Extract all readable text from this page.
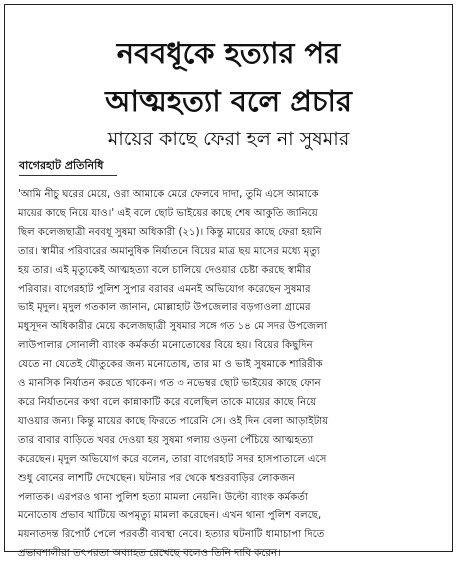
নববধূকে হত্যার পর
আত্মহত্যা বলে প্রচার
মায়ের কাছে ফেরা হল না সুষমার
বাগেরহাট প্রতিনিধি
'আমি নীচু ঘরের মেয়ে, ওরা আমাকে মেরে ফেলবে দাদা, তুমি এসে আমাকে
মায়ের কাছে নিয়ে যাও।' এই বলে ছোট ভাইয়ের কাছে শেষ আকুতি জানিয়ে
ছিল কলেজছাত্রী নববধূ সুষমা অধিকারী (২১)। কিন্তু মায়ের কাছে ফেরা হয়নি
তার। স্বামীর পরিবারের অমানুষিক নির্যাতনে বিয়ের মাত্র ছয় মাসের মধ্যে মৃত্যু
হয় তার। এই মৃত্যুকেই আত্মহত্যা বলে চালিয়ে দেওয়ার চেষ্টা করছে স্বামীর
পরিবার। বাগেরহাট পুলিশ সুপার বরাবর এমনই অভিযোগ করেছেন সুষমার
ভাই মৃদুল। মৃদুল গতকাল জানান, মোল্লাহাট উপজেলার বড়গাওলা গ্রামের
মধুসূদন অধিকারীর মেয়ে কলেজছাত্রী সুষমার সঙ্গে গত ১৪ মে সদর উপজেলা
লাউপালার সোনালী ব্যাংক কর্মকর্তা মনোতোষের বিয়ে হয়। বিয়ের কিছুদিন
যেতে না যেতেই যৌতুকের জন্য মনোতোষ, তার মা ও ভাই সুষমাকে শারিরীক
ও মানসিক নির্যাতন করতে থাকেন। গত ৩ নভেম্বর ছোট ভাইয়ের কাছে ফোন
করে নির্যাতনের কথা বলে কান্নাকাটি করে বলেছিল তাকে মায়ের কাছে নিয়ে
যাওয়ার জন্য। কিন্তু মায়ের কাছে ফিরতে পারেনি সে। ওই দিন বেলা আড়াইটায়
তার বাবার বাড়িতে খবর দেওয়া হয় সুষমা গলায় ওড়না পেঁচিয়ে আত্মহত্যা
করেছেন। মৃদুল অভিযোগ করে বলেন, তারা বাগেরহাট সদর হাসপাতালে এসে
শুধু বোনের লাশটি দেখেছেন। ঘটনার পর থেকে শ্বশুরবাড়ির লোকজন
পলাতক। এরপরও থানা পুলিশ হত্যা মামলা নেয়নি। উল্টো ব্যাংক কর্মকর্তা
মনোতোষ প্রভাব খাটিয়ে অপমৃত্যু মামলা করেছেন। এখন থানা পুলিশ বলছে,
ময়নাতদন্ত রিপোর্ট পেলে পরবর্তী ব্যবস্থা নেবে। হত্যার ঘটনাটি ধামাচাপা দিতে
প্রভাবশালীরা তৎপরতা অব্যাহত রেখেছে বলেও তিনি দাবি করেন।
